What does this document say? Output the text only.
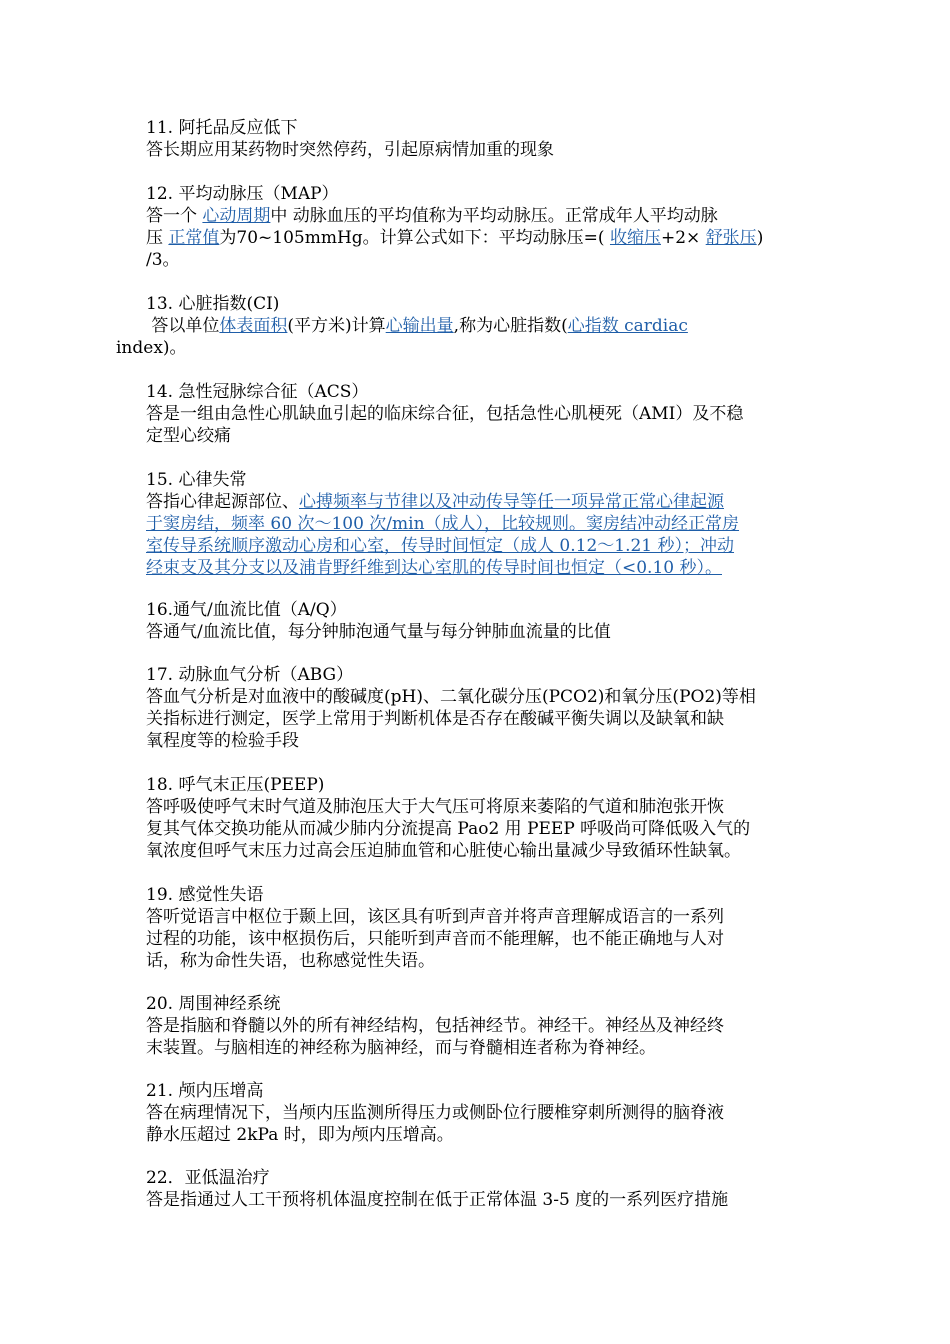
11. 阿托品反应低下
答长期应用某药物时突然停药，引起原病情加重的现象
12. 平均动脉压（MAP）
答一个 心动周期中 动脉血压的平均值称为平均动脉压。正常成年人平均动脉
压 正常值为70~105mmHg。计算公式如下：平均动脉压=( 收缩压+2× 舒张压)
/3。
13. 心脏指数(CI)
答以单位体表面积(平方米)计算心输出量,称为心脏指数(心指数 cardiac
index)。
14. 急性冠脉综合征（ACS）
答是一组由急性心肌缺血引起的临床综合征，包括急性心肌梗死（AMI）及不稳
定型心绞痛
15. 心律失常
答指心律起源部位、心搏频率与节律以及冲动传导等任一项异常正常心律起源
于窦房结，频率 60 次～100 次/min（成人），比较规则。窦房结冲动经正常房
室传导系统顺序激动心房和心室，传导时间恒定（成人 0.12～1.21 秒）；冲动
经束支及其分支以及浦肯野纤维到达心室肌的传导时间也恒定（<0.10 秒）。
16.通气/血流比值（A/Q）
答通气/血流比值，每分钟肺泡通气量与每分钟肺血流量的比值
17. 动脉血气分析（ABG）
答血气分析是对血液中的酸碱度(pH)、二氧化碳分压(PCO2)和氧分压(PO2)等相
关指标进行测定，医学上常用于判断机体是否存在酸碱平衡失调以及缺氧和缺
氧程度等的检验手段
18. 呼气末正压(PEEP)
答呼吸使呼气末时气道及肺泡压大于大气压可将原来萎陷的气道和肺泡张开恢
复其气体交换功能从而减少肺内分流提高 Pao2 用 PEEP 呼吸尚可降低吸入气的
氧浓度但呼气末压力过高会压迫肺血管和心脏使心输出量减少导致循环性缺氧。
19. 感觉性失语
答听觉语言中枢位于颞上回，该区具有听到声音并将声音理解成语言的一系列
过程的功能，该中枢损伤后，只能听到声音而不能理解，也不能正确地与人对
话，称为命性失语，也称感觉性失语。
20. 周围神经系统
答是指脑和脊髓以外的所有神经结构，包括神经节。神经干。神经丛及神经终
末装置。与脑相连的神经称为脑神经，而与脊髓相连者称为脊神经。
21. 颅内压增高
答在病理情况下，当颅内压监测所得压力或侧卧位行腰椎穿刺所测得的脑脊液
静水压超过 2kPa 时，即为颅内压增高。
22．亚低温治疗
答是指通过人工干预将机体温度控制在低于正常体温 3-5 度的一系列医疗措施
